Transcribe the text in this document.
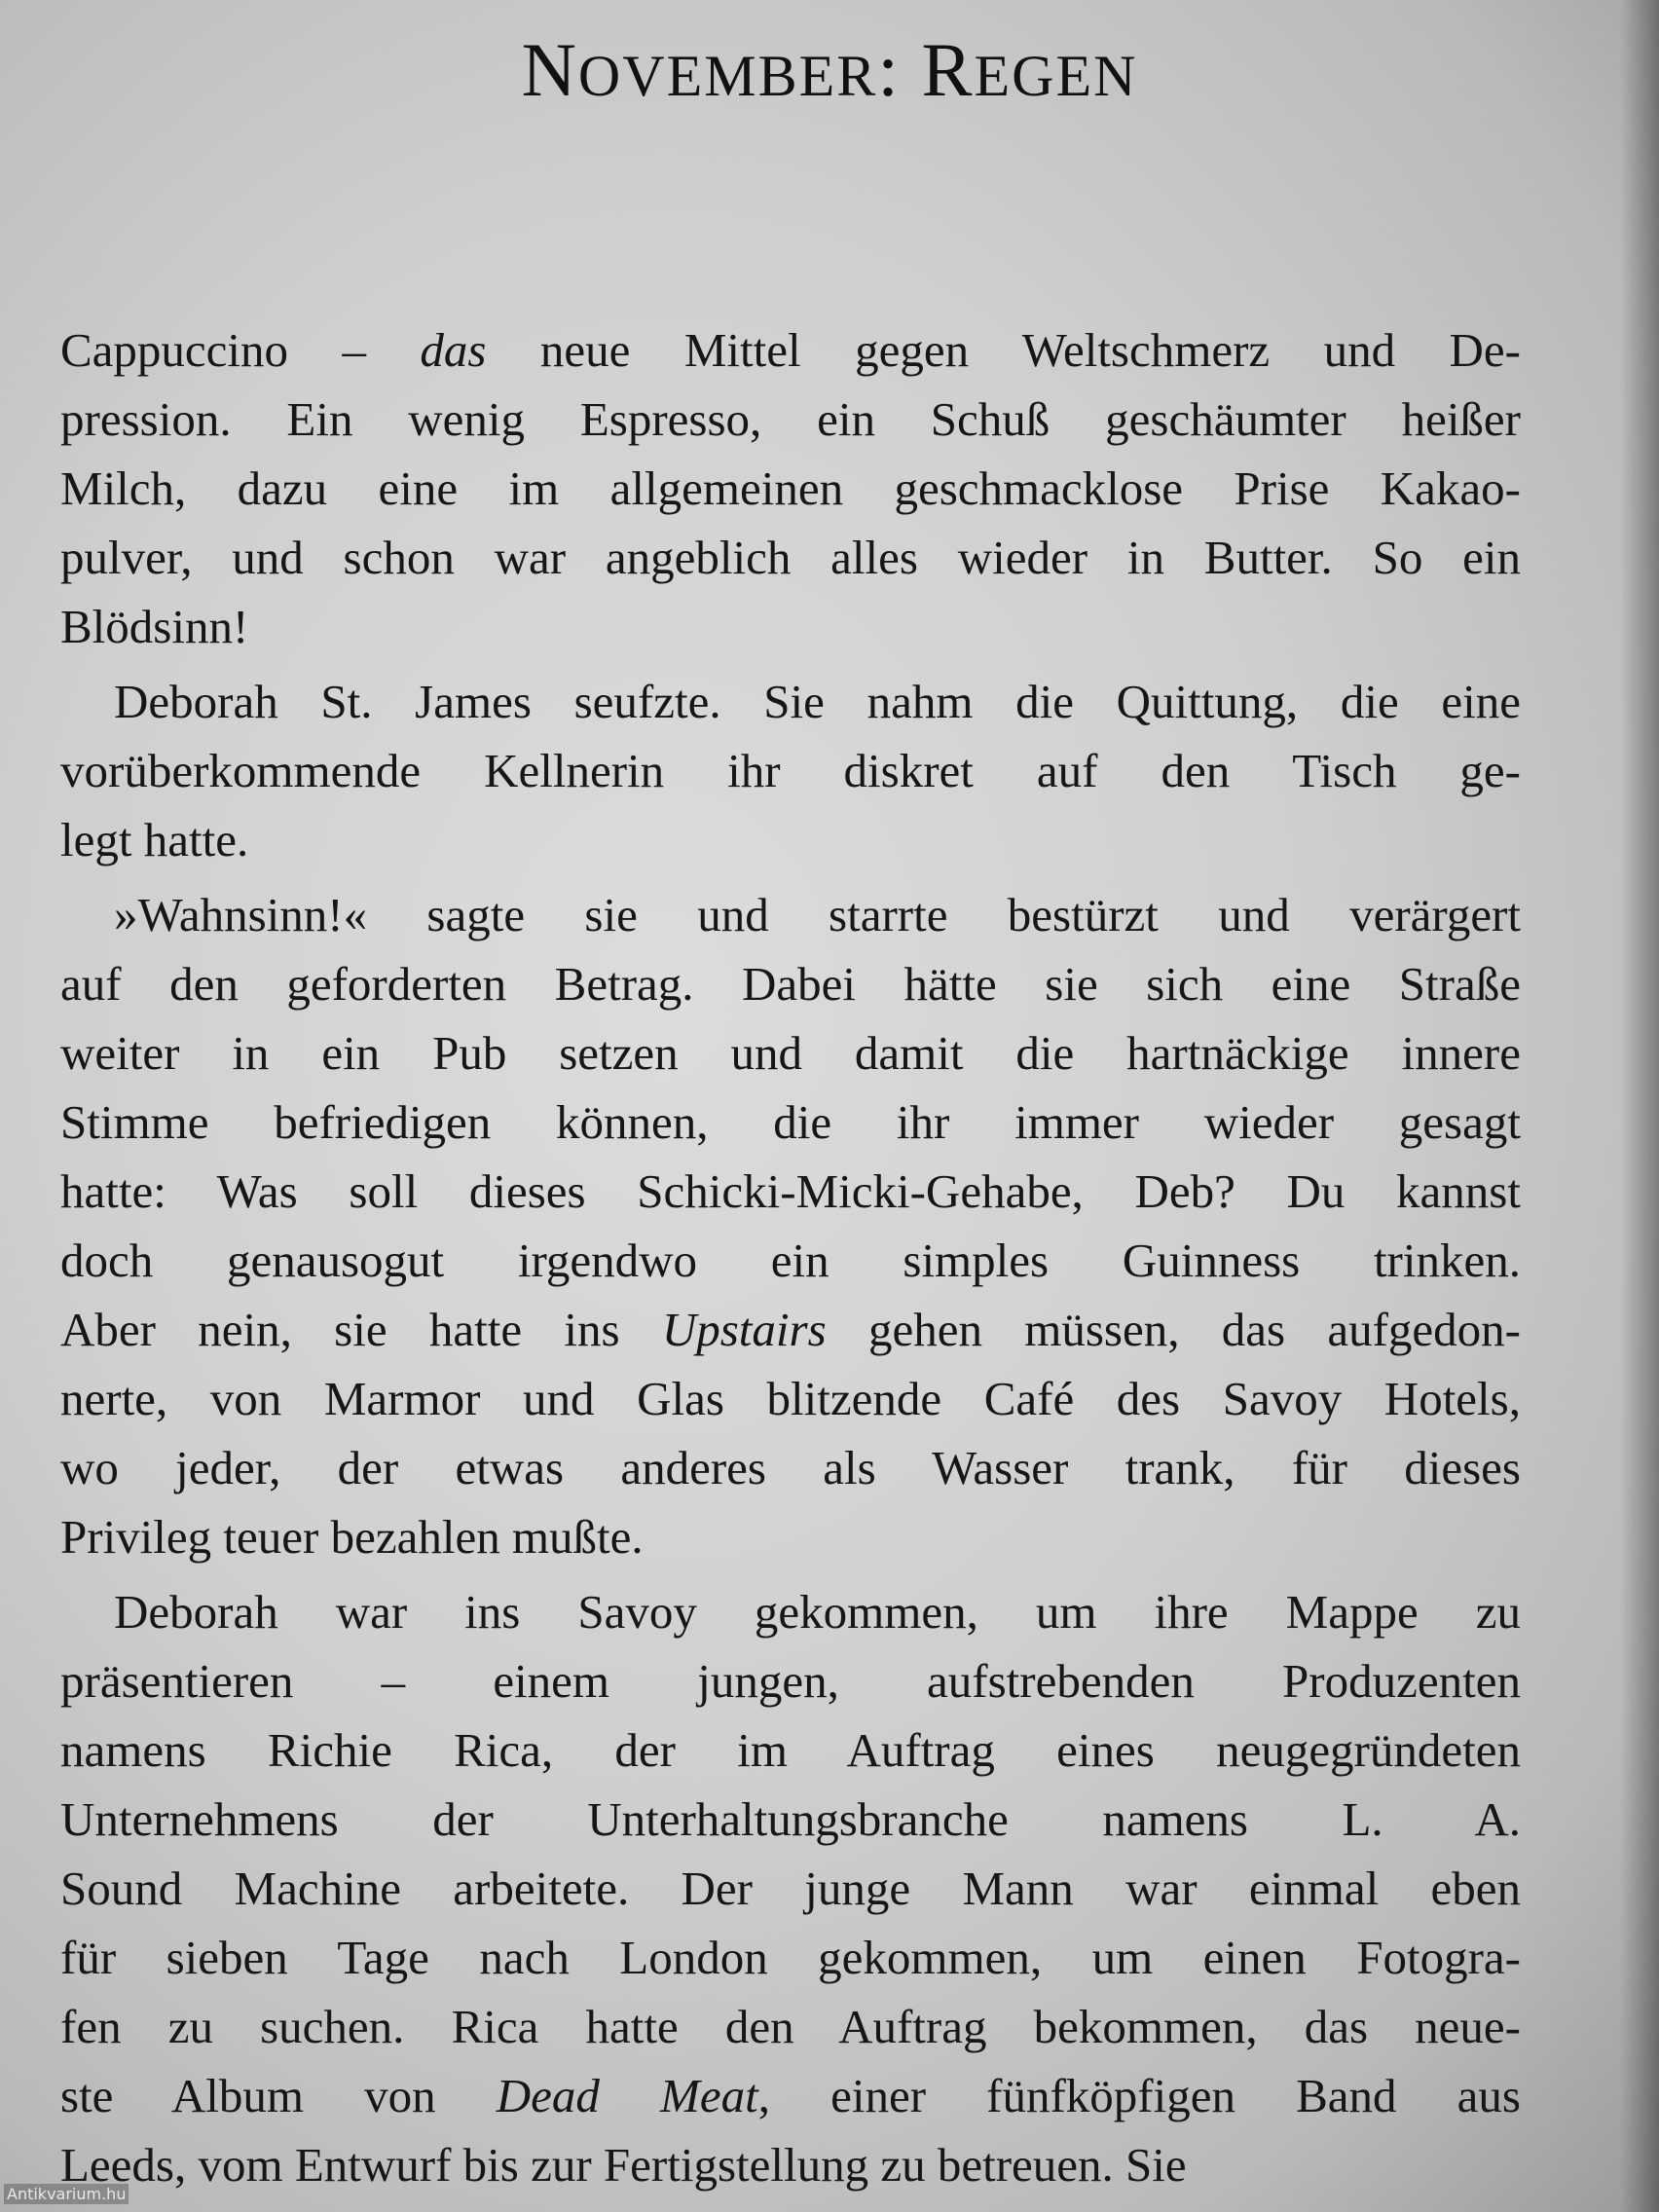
NOVEMBER: REGEN

Cappuccino – das neue Mittel gegen Weltschmerz und De-
pression. Ein wenig Espresso, ein Schuß geschäumter heißer
Milch, dazu eine im allgemeinen geschmacklose Prise Kakao-
pulver, und schon war angeblich alles wieder in Butter. So ein
Blödsinn!

Deborah St. James seufzte. Sie nahm die Quittung, die eine
vorüberkommende Kellnerin ihr diskret auf den Tisch ge-
legt hatte.

»Wahnsinn!« sagte sie und starrte bestürzt und verärgert
auf den geforderten Betrag. Dabei hätte sie sich eine Straße
weiter in ein Pub setzen und damit die hartnäckige innere
Stimme befriedigen können, die ihr immer wieder gesagt
hatte: Was soll dieses Schicki-Micki-Gehabe, Deb? Du kannst
doch genausogut irgendwo ein simples Guinness trinken.
Aber nein, sie hatte ins Upstairs gehen müssen, das aufgedon-
nerte, von Marmor und Glas blitzende Café des Savoy Hotels,
wo jeder, der etwas anderes als Wasser trank, für dieses
Privileg teuer bezahlen mußte.

Deborah war ins Savoy gekommen, um ihre Mappe zu
präsentieren – einem jungen, aufstrebenden Produzenten
namens Richie Rica, der im Auftrag eines neugegründeten
Unternehmens der Unterhaltungsbranche namens L. A.
Sound Machine arbeitete. Der junge Mann war einmal eben
für sieben Tage nach London gekommen, um einen Fotogra-
fen zu suchen. Rica hatte den Auftrag bekommen, das neue-
ste Album von Dead Meat, einer fünfköpfigen Band aus
Leeds, vom Entwurf bis zur Fertigstellung zu betreuen. Sie

Antikvarium.hu
